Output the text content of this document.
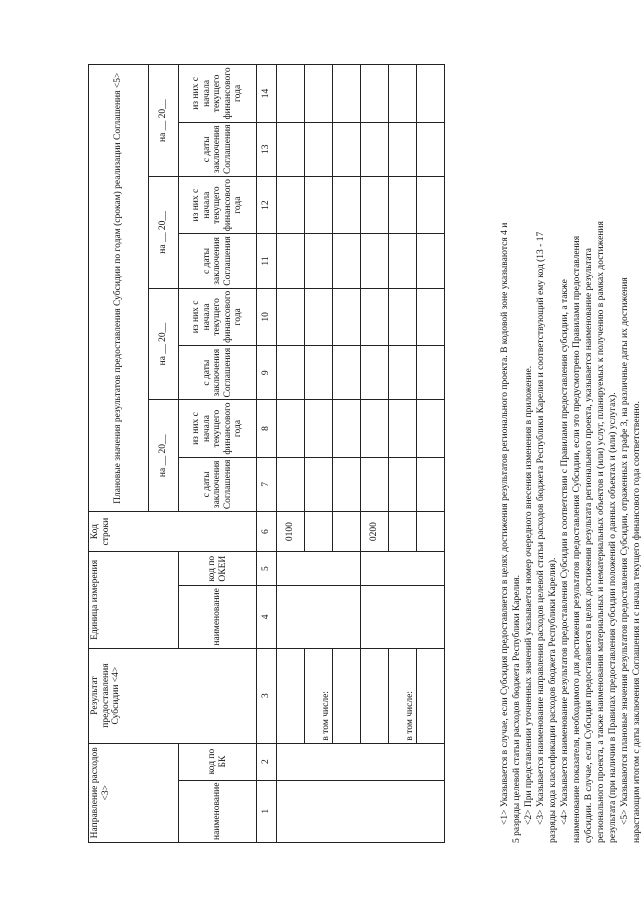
Направление расходов <3>		Результат предоставления Субсидии <4>	Единица измерения		Код строки	Плановые значения результатов предоставления Субсидии по годам (срокам) реализации Соглашения <5>							
						на __ 20__		на __ 20__		на __ 20__		на __ 20__	
наименование	код по БК		наименование	код по ОКЕИ		с даты заключения Соглашения	из них с начала текущего финансового года	с даты заключения Соглашения	из них с начала текущего финансового года	с даты заключения Соглашения	из них с начала текущего финансового года	с даты заключения Соглашения	из них с начала текущего финансового года
1	2	3	4	5	6	7	8	9	10	11	12	13	14
					0100								
		в том числе:											

					0200								
		в том числе:											
										<1> Указывается в случае, если Субсидия предоставляется в целях достижения результатов регионального проекта. В кодовой зоне указываются 4 и 5 разряды целевой статьи расходов бюджета Республики Карелия. <2> При представлении уточненных значений указывается номер очередного внесения изменения в приложение. <3> Указывается наименование направления расходов целевой статьи расходов бюджета Республики Карелия и соответствующий ему код (13 - 17 разряды кода классификации расходов бюджета Республики Карелия). <4> Указывается наименование результатов предоставления Субсидии в соответствии с Правилами предоставления субсидии, а также наименование показателя, необходимого для достижения результатов предоставления Субсидии, если это предусмотрено Правилами предоставления субсидии. В случае, если Субсидия предоставляется в целях достижения результата регионального проекта, указывается наименование результата регионального проекта, а также наименования материальных и нематериальных объектов и (или) услуг, планируемых к получению в рамках достижения результата (при наличии в Правилах предоставления субсидии положений о данных объектах и (или) услугах). <5> Указываются плановые значения результатов предоставления Субсидии, отраженных в графе 3, на различные даты их достижения нарастающим итогом с даты заключения Соглашения и с начала текущего финансового года соответственно.
